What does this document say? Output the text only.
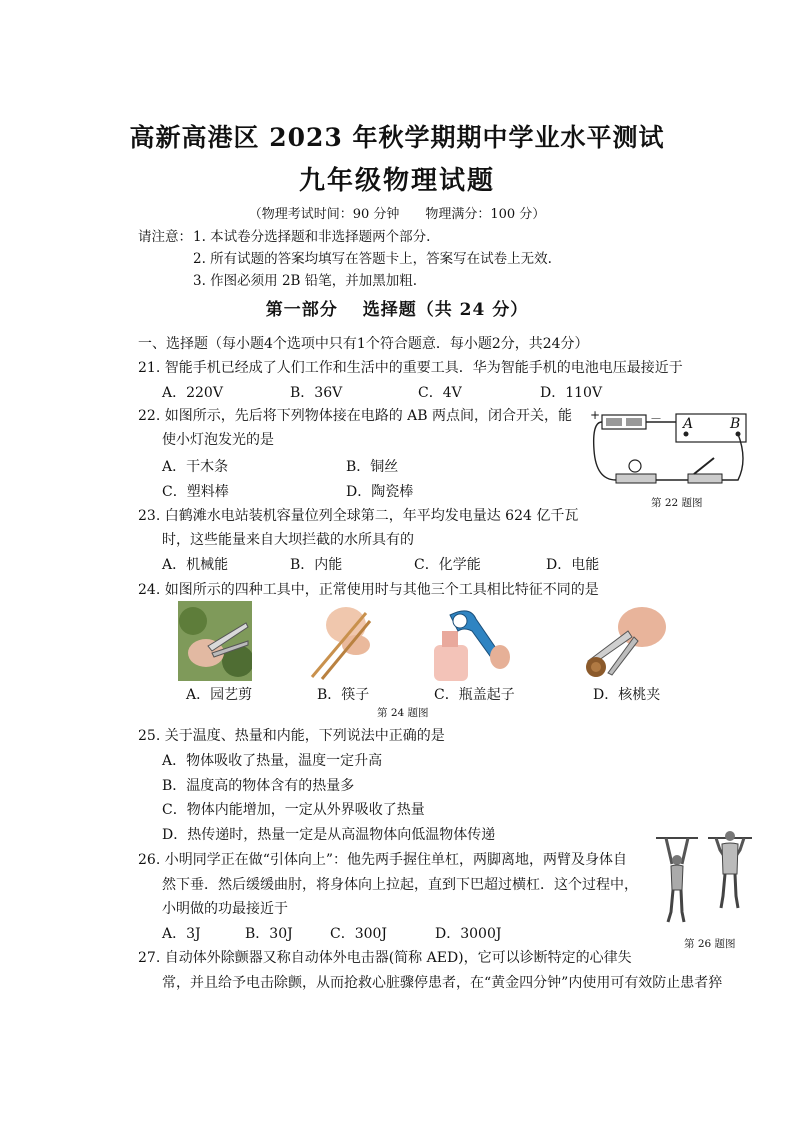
高新高港区 2023 年秋学期期中学业水平测试
九年级物理试题
（物理考试时间：90 分钟　　物理满分：100 分）
请注意： 1. 本试卷分选择题和非选择题两个部分.
2. 所有试题的答案均填写在答题卡上，答案写在试卷上无效.
3. 作图必须用 2B 铅笔，并加黑加粗.
第一部分　 选择题（共 24 分）
一、选择题（每小题4个选项中只有1个符合题意．每小题2分，共24分）
21. 智能手机已经成了人们工作和生活中的重要工具．华为智能手机的电池电压最接近于
A．220V	B．36V	C．4V	D．110V
22. 如图所示，先后将下列物体接在电路的 AB 两点间，闭合开关，能
使小灯泡发光的是
A．干木条	B．铜丝
C．塑料棒	D．陶瓷棒
+	－ A	B
第 22 题图
23. 白鹤滩水电站装机容量位列全球第二，年平均发电量达 624 亿千瓦
时，这些能量来自大坝拦截的水所具有的
A．机械能	B．内能	C．化学能	D．电能
24. 如图所示的四种工具中，正常使用时与其他三个工具相比特征不同的是
A．园艺剪	B．筷子	C．瓶盖起子	D．核桃夹
第 24 题图
25. 关于温度、热量和内能，下列说法中正确的是
A．物体吸收了热量，温度一定升高
B．温度高的物体含有的热量多
C．物体内能增加，一定从外界吸收了热量
D．热传递时，热量一定是从高温物体向低温物体传递
26. 小明同学正在做“引体向上”：他先两手握住单杠，两脚离地，两臂及身体自
然下垂．然后缓缓曲肘，将身体向上拉起，直到下巴超过横杠．这个过程中，
小明做的功最接近于
A．3J	B．30J	C．300J	D．3000J
第 26 题图
27. 自动体外除颤器又称自动体外电击器(简称 AED)，它可以诊断特定的心律失
常，并且给予电击除颤，从而抢救心脏骤停患者，在“黄金四分钟”内使用可有效防止患者猝
